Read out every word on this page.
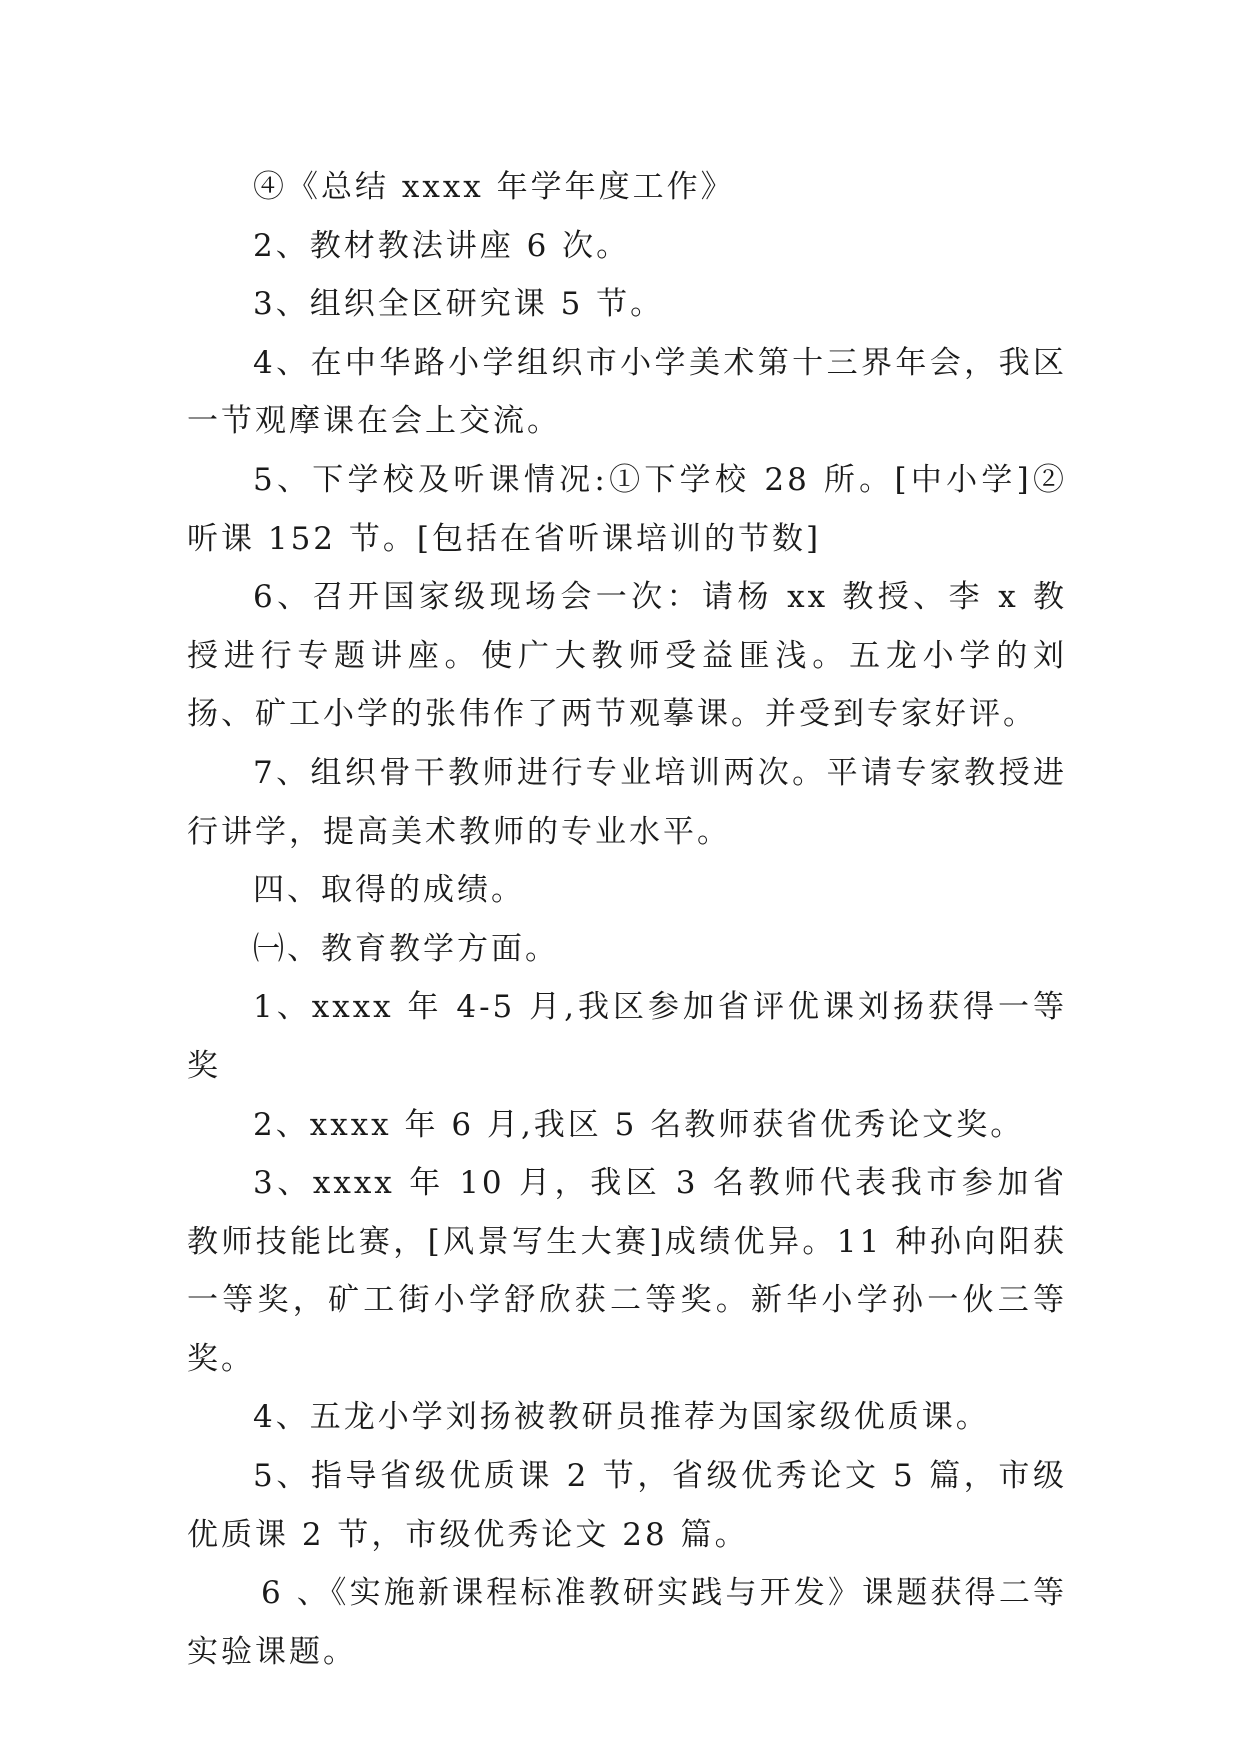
④《总结 xxxx 年学年度工作》

2、教材教法讲座 6 次。

3、组织全区研究课 5 节。

4、在中华路小学组织市小学美术第十三界年会，我区一节观摩课在会上交流。

5、下学校及听课情况:①下学校 28 所。[中小学]②听课 152 节。[包括在省听课培训的节数]

6、召开国家级现场会一次：请杨 xx 教授、李 x 教授进行专题讲座。使广大教师受益匪浅。五龙小学的刘扬、矿工小学的张伟作了两节观摹课。并受到专家好评。

7、组织骨干教师进行专业培训两次。平请专家教授进行讲学，提高美术教师的专业水平。

四、取得的成绩。

㈠、教育教学方面。

1、xxxx 年 4-5 月,我区参加省评优课刘扬获得一等奖

2、xxxx 年 6 月,我区 5 名教师获省优秀论文奖。

3、xxxx 年 10 月，我区 3 名教师代表我市参加省教师技能比赛，[风景写生大赛]成绩优异。11 种孙向阳获一等奖，矿工街小学舒欣获二等奖。新华小学孙一伙三等奖。

4、五龙小学刘扬被教研员推荐为国家级优质课。

5、指导省级优质课 2 节，省级优秀论文 5 篇，市级优质课 2 节，市级优秀论文 28 篇。

6 、《实施新课程标准教研实践与开发》课题获得二等实验课题。
